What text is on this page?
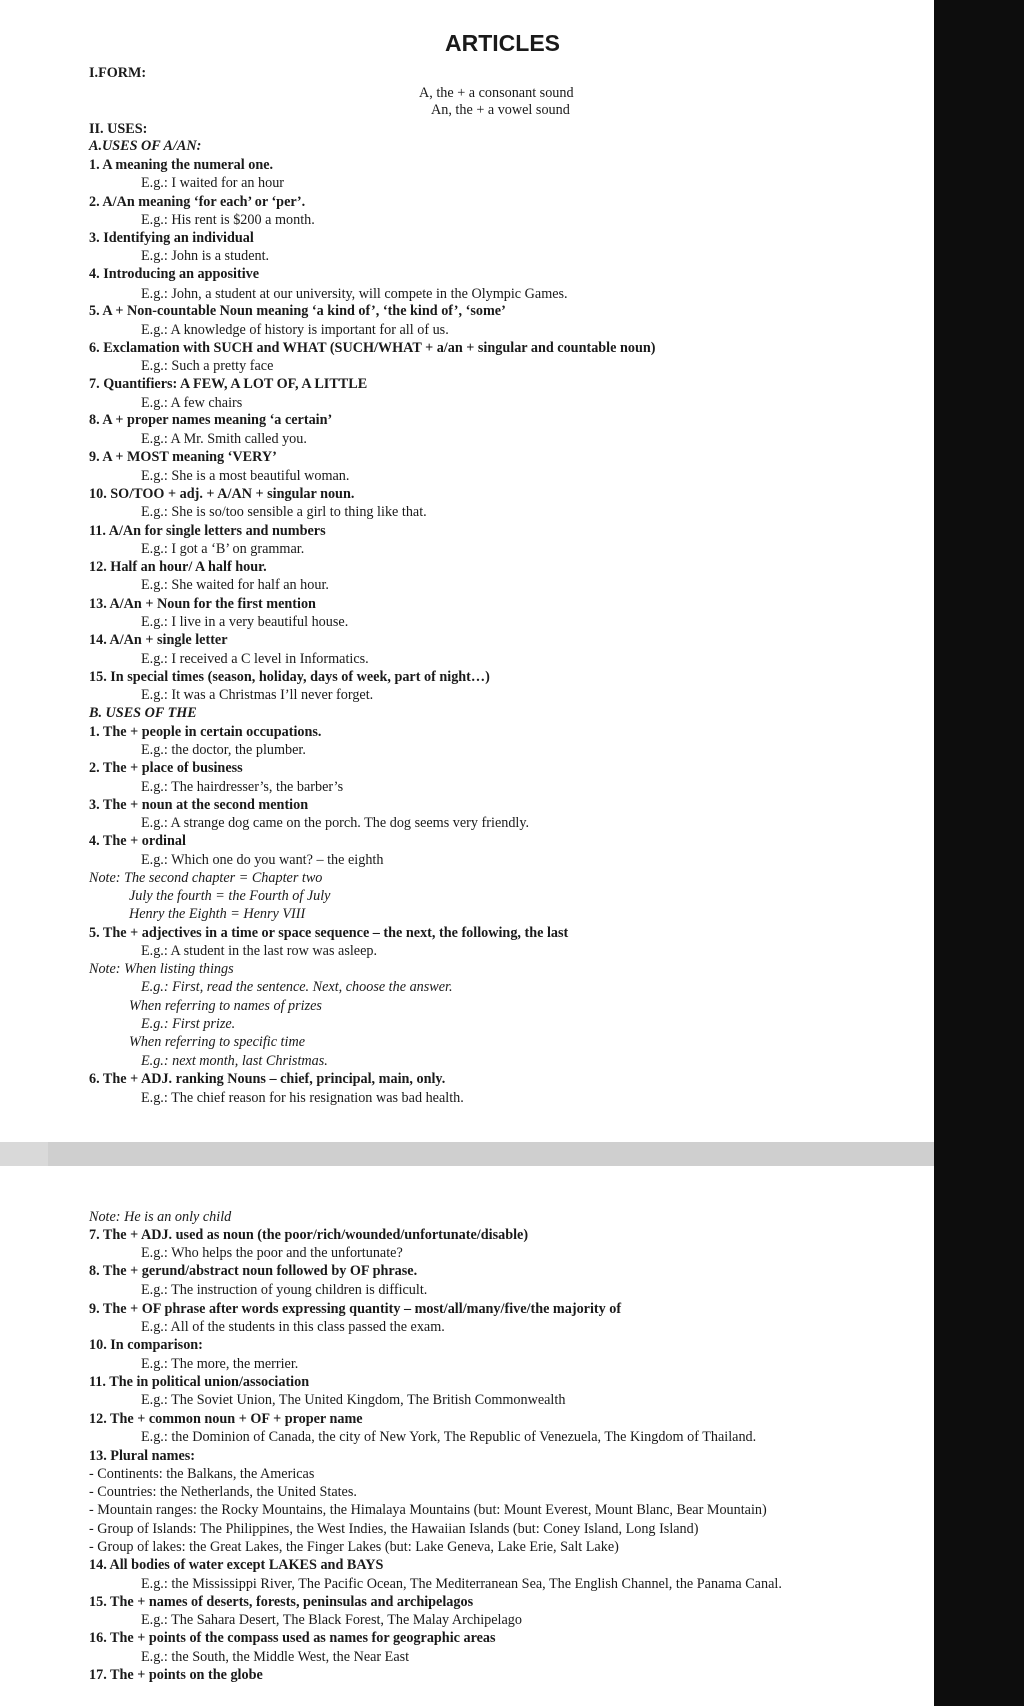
ARTICLES
I.FORM:
A, the + a consonant sound
An, the + a vowel sound
II. USES:
A.USES OF A/AN:
1. A meaning the numeral one.
E.g.: I waited for an hour
2. A/An meaning ‘for each’ or ‘per’.
E.g.: His rent is $200 a month.
3. Identifying an individual
E.g.: John is a student.
4. Introducing an appositive
E.g.: John, a student at our university, will compete in the Olympic Games.
5. A + Non-countable Noun meaning ‘a kind of’, ‘the kind of’, ‘some’
E.g.: A knowledge of history is important for all of us.
6. Exclamation with SUCH and WHAT (SUCH/WHAT + a/an + singular and countable noun)
E.g.: Such a pretty face
7. Quantifiers: A FEW, A LOT OF, A LITTLE
E.g.: A few chairs
8. A + proper names meaning ‘a certain’
E.g.: A Mr. Smith called you.
9. A + MOST meaning ‘VERY’
E.g.: She is a most beautiful woman.
10. SO/TOO + adj. + A/AN + singular noun.
E.g.: She is so/too sensible a girl to thing like that.
11. A/An for single letters and numbers
E.g.: I got a ‘B’ on grammar.
12. Half an hour/ A half hour.
E.g.: She waited for half an hour.
13. A/An + Noun for the first mention
E.g.: I live in a very beautiful house.
14. A/An + single letter
E.g.: I received a C level in Informatics.
15. In special times (season, holiday, days of week, part of night…)
E.g.: It was a Christmas I’ll never forget.
B. USES OF THE
1. The + people in certain occupations.
E.g.: the doctor, the plumber.
2. The + place of business
E.g.: The hairdresser’s, the barber’s
3. The + noun at the second mention
E.g.: A strange dog came on the porch. The dog seems very friendly.
4. The + ordinal
E.g.: Which one do you want? – the eighth
Note: The second chapter = Chapter two
July the fourth = the Fourth of July
Henry the Eighth = Henry VIII
5. The + adjectives in a time or space sequence – the next, the following, the last
E.g.: A student in the last row was asleep.
Note: When listing things
E.g.: First, read the sentence. Next, choose the answer.
When referring to names of prizes
E.g.: First prize.
When referring to specific time
E.g.: next month, last Christmas.
6. The + ADJ. ranking Nouns – chief, principal, main, only.
E.g.: The chief reason for his resignation was bad health.
Note: He is an only child
7. The + ADJ. used as noun (the poor/rich/wounded/unfortunate/disable)
E.g.: Who helps the poor and the unfortunate?
8. The + gerund/abstract noun followed by OF phrase.
E.g.: The instruction of young children is difficult.
9. The + OF phrase after words expressing quantity – most/all/many/five/the majority of
E.g.: All of the students in this class passed the exam.
10. In comparison:
E.g.: The more, the merrier.
11. The in political union/association
E.g.: The Soviet Union, The United Kingdom, The British Commonwealth
12. The + common noun + OF + proper name
E.g.: the Dominion of Canada, the city of New York, The Republic of Venezuela, The Kingdom of Thailand.
13. Plural names:
- Continents: the Balkans, the Americas
- Countries: the Netherlands, the United States.
- Mountain ranges: the Rocky Mountains, the Himalaya Mountains (but: Mount Everest, Mount Blanc, Bear Mountain)
- Group of Islands: The Philippines, the West Indies, the Hawaiian Islands (but: Coney Island, Long Island)
- Group of lakes: the Great Lakes, the Finger Lakes (but: Lake Geneva, Lake Erie, Salt Lake)
14. All bodies of water except LAKES and BAYS
E.g.: the Mississippi River, The Pacific Ocean, The Mediterranean Sea, The English Channel, the Panama Canal.
15. The + names of deserts, forests, peninsulas and archipelagos
E.g.: The Sahara Desert, The Black Forest, The Malay Archipelago
16. The + points of the compass used as names for geographic areas
E.g.: the South, the Middle West, the Near East
17. The + points on the globe
